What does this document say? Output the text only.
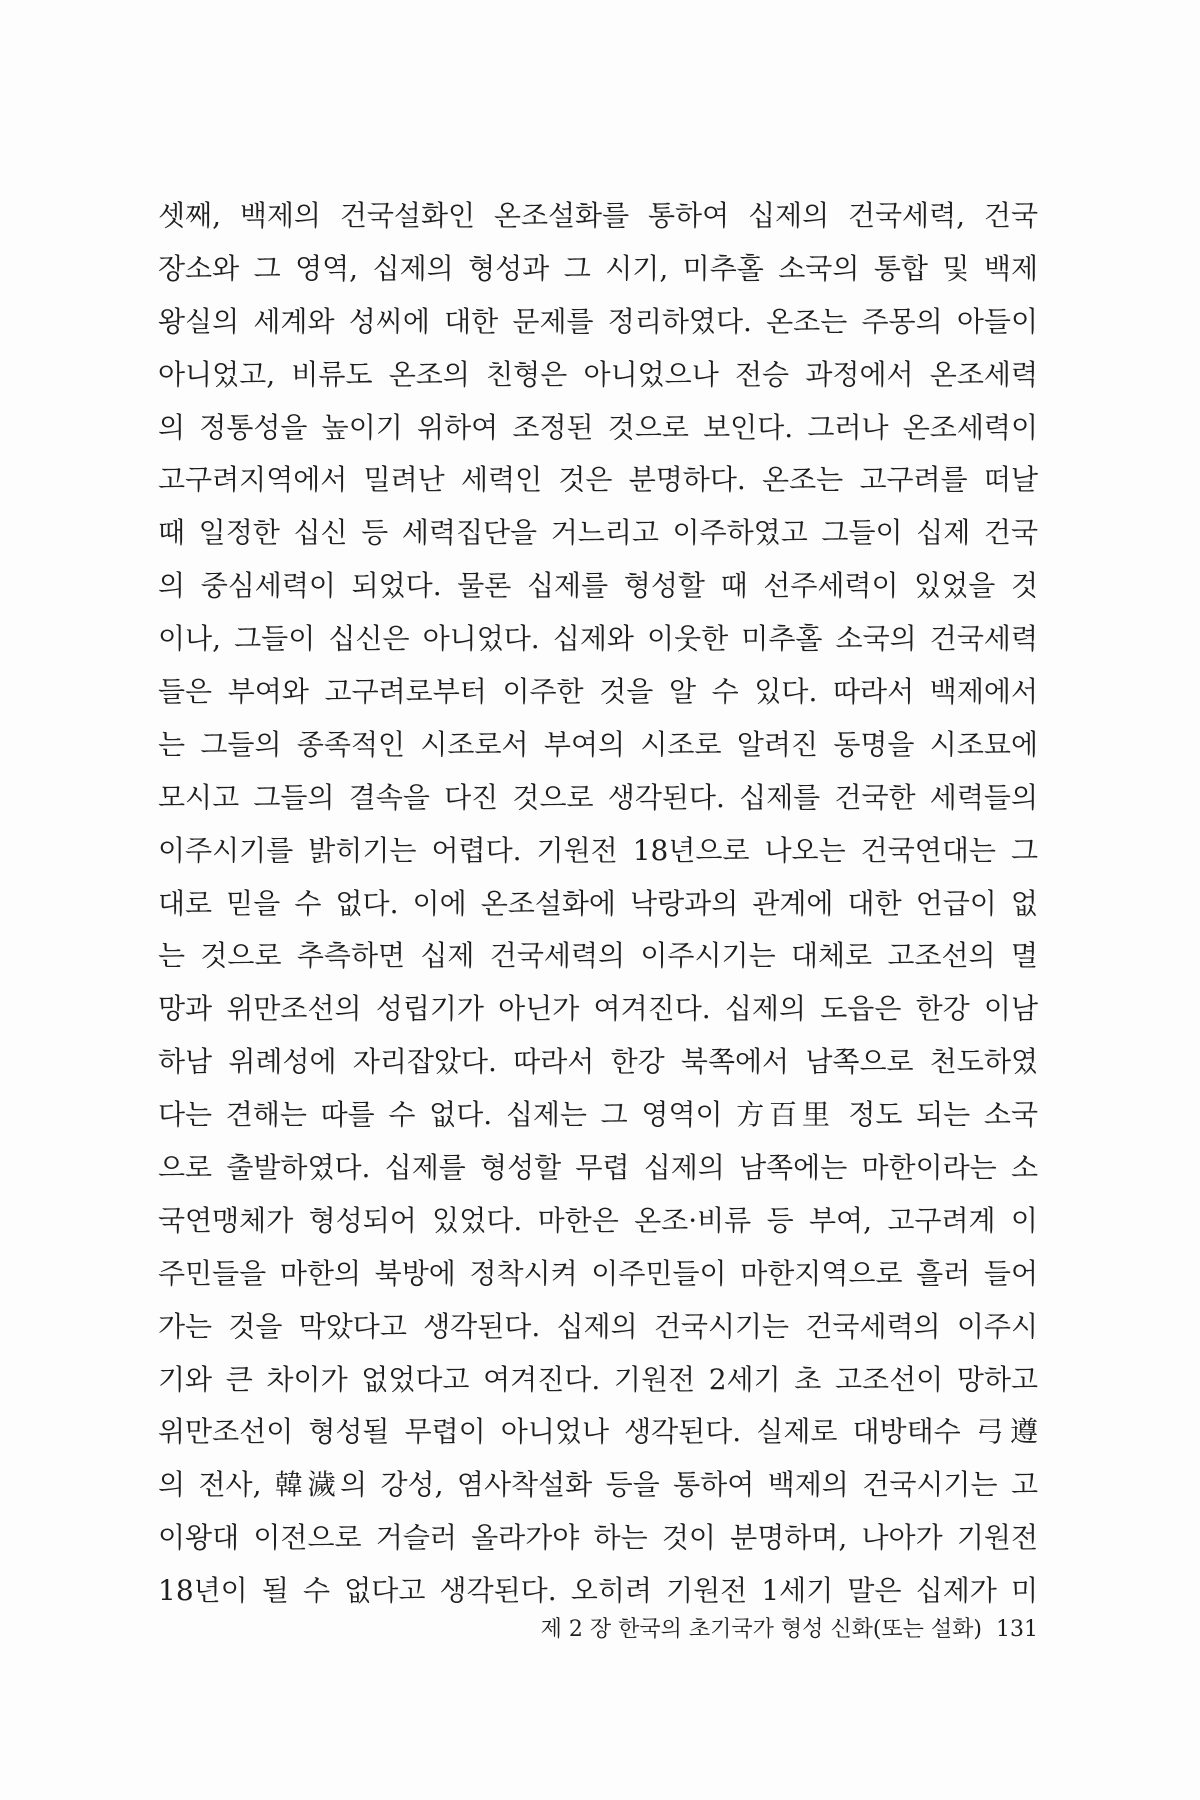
셋째, 백제의 건국설화인 온조설화를 통하여 십제의 건국세력, 건국
장소와 그 영역, 십제의 형성과 그 시기, 미추홀 소국의 통합 및 백제
왕실의 세계와 성씨에 대한 문제를 정리하였다. 온조는 주몽의 아들이
아니었고, 비류도 온조의 친형은 아니었으나 전승 과정에서 온조세력
의 정통성을 높이기 위하여 조정된 것으로 보인다. 그러나 온조세력이
고구려지역에서 밀려난 세력인 것은 분명하다. 온조는 고구려를 떠날
때 일정한 십신 등 세력집단을 거느리고 이주하였고 그들이 십제 건국
의 중심세력이 되었다. 물론 십제를 형성할 때 선주세력이 있었을 것
이나, 그들이 십신은 아니었다. 십제와 이웃한 미추홀 소국의 건국세력
들은 부여와 고구려로부터 이주한 것을 알 수 있다. 따라서 백제에서
는 그들의 종족적인 시조로서 부여의 시조로 알려진 동명을 시조묘에
모시고 그들의 결속을 다진 것으로 생각된다. 십제를 건국한 세력들의
이주시기를 밝히기는 어렵다. 기원전 18년으로 나오는 건국연대는 그
대로 믿을 수 없다. 이에 온조설화에 낙랑과의 관계에 대한 언급이 없
는 것으로 추측하면 십제 건국세력의 이주시기는 대체로 고조선의 멸
망과 위만조선의 성립기가 아닌가 여겨진다. 십제의 도읍은 한강 이남
하남 위례성에 자리잡았다. 따라서 한강 북쪽에서 남쪽으로 천도하였
다는 견해는 따를 수 없다. 십제는 그 영역이 方百里 정도 되는 소국
으로 출발하였다. 십제를 형성할 무렵 십제의 남쪽에는 마한이라는 소
국연맹체가 형성되어 있었다. 마한은 온조·비류 등 부여, 고구려계 이
주민들을 마한의 북방에 정착시켜 이주민들이 마한지역으로 흘러 들어
가는 것을 막았다고 생각된다. 십제의 건국시기는 건국세력의 이주시
기와 큰 차이가 없었다고 여겨진다. 기원전 2세기 초 고조선이 망하고
위만조선이 형성될 무렵이 아니었나 생각된다. 실제로 대방태수 弓遵
의 전사, 韓濊의 강성, 염사착설화 등을 통하여 백제의 건국시기는 고
이왕대 이전으로 거슬러 올라가야 하는 것이 분명하며, 나아가 기원전
18년이 될 수 없다고 생각된다. 오히려 기원전 1세기 말은 십제가 미
제 2 장 한국의 초기국가 형성 신화(또는 설화) 131
